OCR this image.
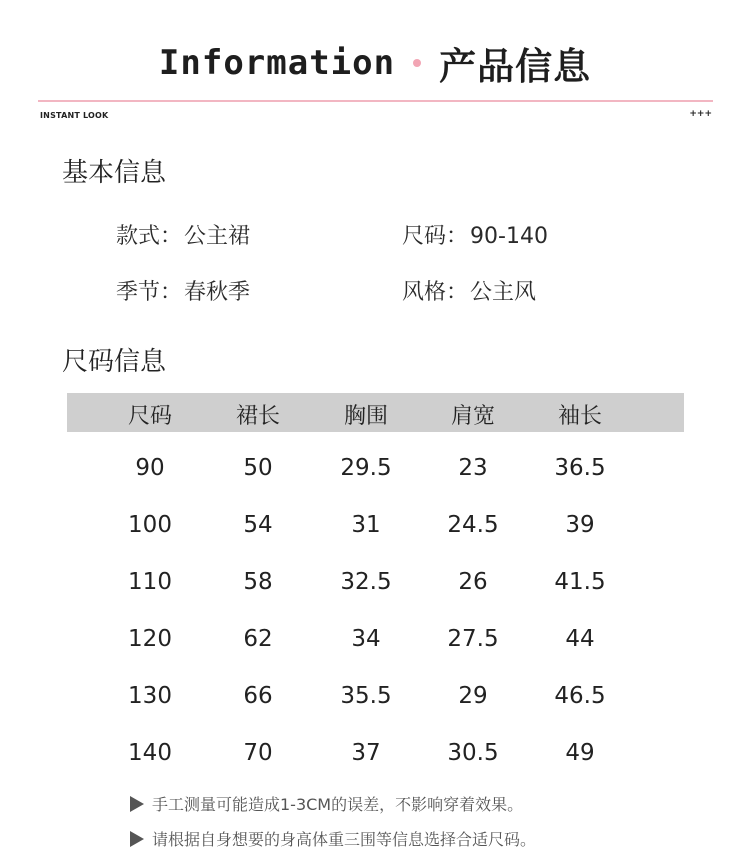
Information 产品信息
INSTANT LOOK	+++
基本信息
款式：公主裙	尺码：90-140
季节：春秋季	风格：公主风
尺码信息
尺码	裙长	胸围	肩宽	袖长
90	50	29.5	23	36.5
100	54	31	24.5	39
110	58	32.5	26	41.5
120	62	34	27.5	44
130	66	35.5	29	46.5
140	70	37	30.5	49
手工测量可能造成1-3CM的误差，不影响穿着效果。
请根据自身想要的身高体重三围等信息选择合适尺码。
